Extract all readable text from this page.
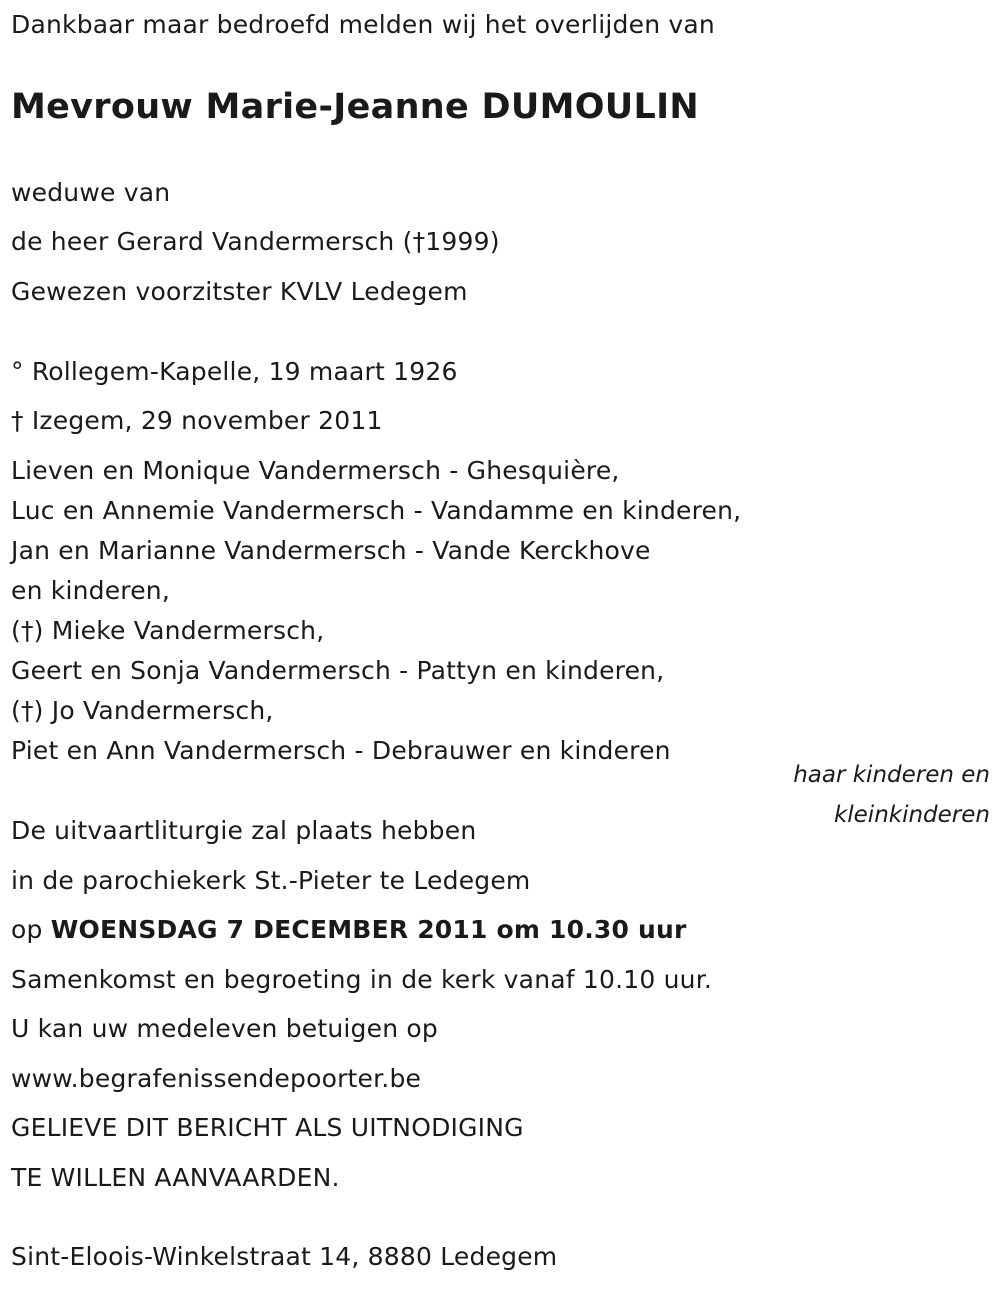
Dankbaar maar bedroefd melden wij het overlijden van
Mevrouw Marie-Jeanne DUMOULIN
weduwe van
de heer Gerard Vandermersch (†1999)
Gewezen voorzitster KVLV Ledegem
° Rollegem-Kapelle, 19 maart 1926
† Izegem, 29 november 2011
Lieven en Monique Vandermersch - Ghesquière,
Luc en Annemie Vandermersch - Vandamme en kinderen,
Jan en Marianne Vandermersch - Vande Kerckhove
en kinderen,
(†) Mieke Vandermersch,
Geert en Sonja Vandermersch - Pattyn en kinderen,
(†) Jo Vandermersch,
Piet en Ann Vandermersch - Debrauwer en kinderen
haar kinderen en
kleinkinderen
De uitvaartliturgie zal plaats hebben
in de parochiekerk St.-Pieter te Ledegem
op WOENSDAG 7 DECEMBER 2011 om 10.30 uur
Samenkomst en begroeting in de kerk vanaf 10.10 uur.
U kan uw medeleven betuigen op
www.begrafenissendepoorter.be
GELIEVE DIT BERICHT ALS UITNODIGING
TE WILLEN AANVAARDEN.
Sint-Eloois-Winkelstraat 14, 8880 Ledegem
